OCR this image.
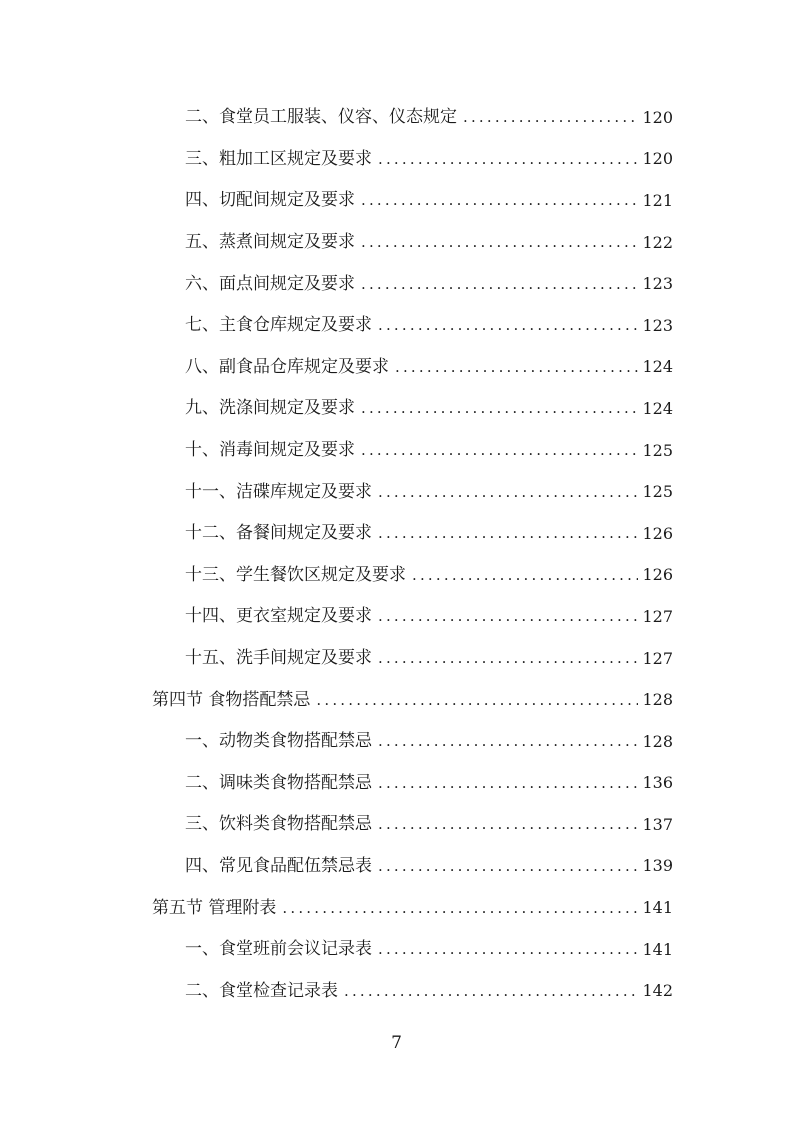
二、食堂员工服装、仪容、仪态规定 .....	120
三、粗加工区规定及要求 .....	120
四、切配间规定及要求 .....	121
五、蒸煮间规定及要求 .....	122
六、面点间规定及要求 .....	123
七、主食仓库规定及要求 .....	123
八、副食品仓库规定及要求 .....	124
九、洗涤间规定及要求 .....	124
十、消毒间规定及要求 .....	125
十一、洁碟库规定及要求 .....	125
十二、备餐间规定及要求 .....	126
十三、学生餐饮区规定及要求 .....	126
十四、更衣室规定及要求 .....	127
十五、洗手间规定及要求 .....	127
第四节 食物搭配禁忌 .....	128
一、动物类食物搭配禁忌 .....	128
二、调味类食物搭配禁忌 .....	136
三、饮料类食物搭配禁忌 .....	137
四、常见食品配伍禁忌表 .....	139
第五节 管理附表 .....	141
一、食堂班前会议记录表 .....	141
二、食堂检查记录表 .....	142
7
